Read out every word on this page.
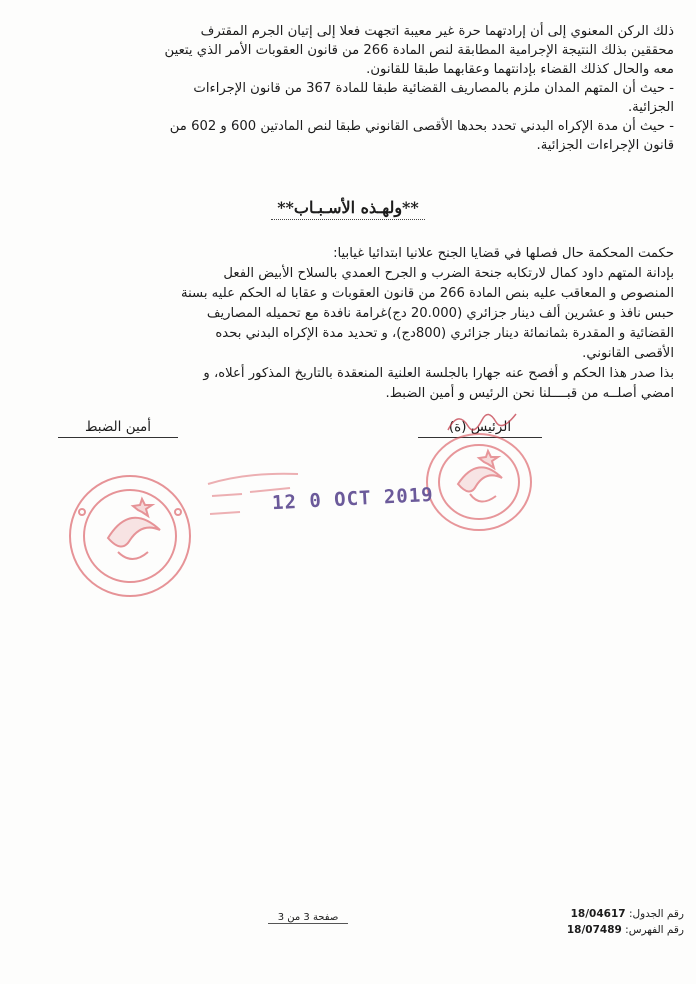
ذلك الركن المعنوي إلى أن إرادتهما حرة غير معيبة اتجهت فعلا إلى إتيان الجرم المقترف
محققين بذلك النتيجة الإجرامية المطابقة لنص المادة 266 من قانون العقوبات الأمر الذي يتعين
معه والحال كذلك القضاء بإدانتهما وعقابهما طبقا للقانون.
- حيث أن المتهم المدان ملزم بالمصاريف القضائية طبقا للمادة 367 من قانون الإجراءات
الجزائية.
- حيث أن مدة الإكراه البدني تحدد بحدها الأقصى القانوني طبقا لنص المادتين 600 و 602 من
قانون الإجراءات الجزائية.
**ولهـذه الأسـبـاب**
حكمت المحكمة حال فصلها في قضايا الجنح علانيا ابتدائيا غيابيا:
بإدانة المتهم داود كمال لارتكابه جنحة الضرب و الجرح العمدي بالسلاح الأبيض الفعل
المنصوص و المعاقب عليه بنص المادة 266 من قانون العقوبات و عقابا له الحكم عليه بسنة
حبس نافذ و عشرين ألف دينار جزائري (20.000 دج)غرامة نافدة مع تحميله المصاريف
القضائية و المقدرة بثمانمائة دينار جزائري (800دج)، و تحديد مدة الإكراه البدني بحده
الأقصى القانوني.
بذا صدر هذا الحكم و أفصح عنه جهارا بالجلسة العلنية المنعقدة بالتاريخ المذكور أعلاه، و
امضي أصلــه من قبــــلنا نحن الرئيس و أمين الضبط.
الرئيس (ة)
أمين الضبط
12 0 OCT 2019
صفحة 3 من 3	رقم الجدول: 18/04617
رقم الفهرس: 18/07489
